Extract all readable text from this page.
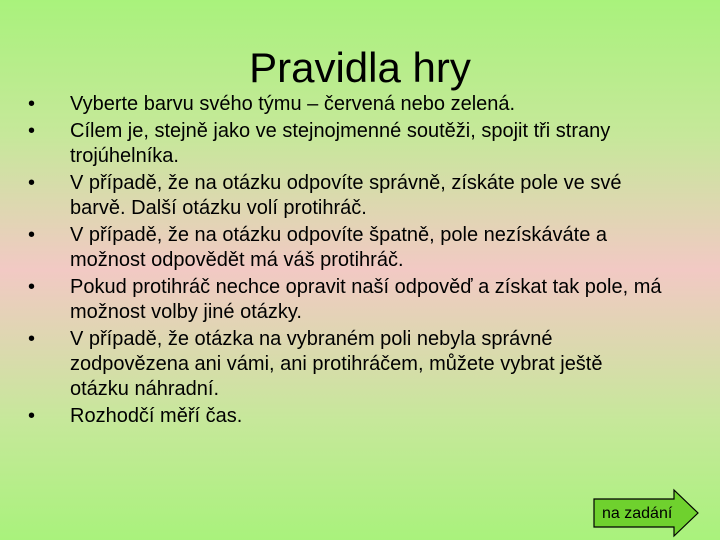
Pravidla hry
• Vyberte barvu svého týmu – červená nebo zelená.
• Cílem je, stejně jako ve stejnojmenné soutěži, spojit tři strany trojúhelníka.
• V případě, že na otázku odpovíte správně, získáte pole ve své barvě. Další otázku volí protihráč.
• V případě, že na otázku odpovíte špatně, pole nezískáváte a možnost odpovědět má váš protihráč.
• Pokud protihráč nechce opravit naší odpověď a získat tak pole, má možnost volby jiné otázky.
• V případě, že otázka na vybraném poli nebyla správné zodpovězena ani vámi, ani protihráčem, můžete vybrat ještě otázku náhradní.
• Rozhodčí měří čas.
na zadání
